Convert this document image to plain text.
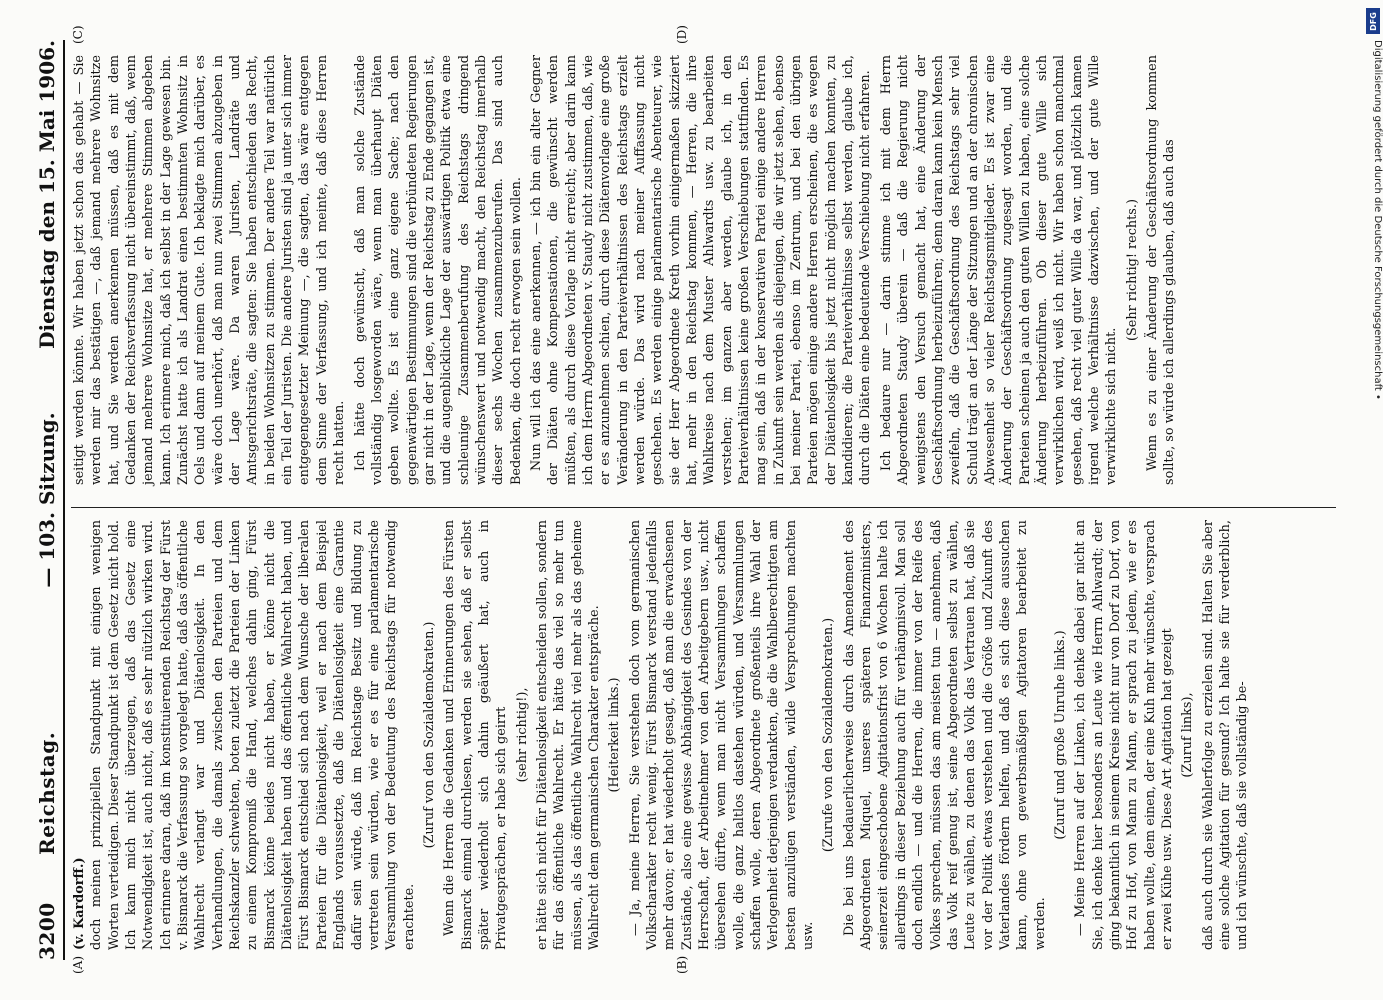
3200 Reichstag.
— 103. Sitzung.
Dienstag den 15. Mai 1906.
(A)	(B)
(C)	(D)

(v. Kardorff.) doch meinen prinzipiellen Standpunkt mit einigen wenigen Worten verteidigen. Dieser Standpunkt ist dem Gesetz nicht hold. Ich kann mich nicht überzeugen, daß das Gesetz eine Notwendigkeit ist, auch nicht, daß es sehr nützlich wirken wird. Ich erinnere daran, daß im konstituierenden Reichstag der Fürst v. Bismarck die Verfassung so vorgelegt hatte, daß das öffentliche Wahlrecht verlangt war und Diätenlosigkeit. In den Verhandlungen, die damals zwischen den Parteien und dem Reichskanzler schwebten, boten zuletzt die Parteien der Linken zu einem Kompromiß die Hand, welches dahin ging, Fürst Bismarck könne beides nicht haben, er könne nicht die Diätenlosigkeit haben und das öffentliche Wahlrecht haben, und Fürst Bismarck entschied sich nach dem Wunsche der liberalen Parteien für die Diätenlosigkeit, weil er nach dem Beispiel Englands voraussetzte, daß die Diätenlosigkeit eine Garantie dafür sein würde, daß im Reichstage Besitz und Bildung zu vertreten sein würden, wie er es für eine parlamentarische Versammlung von der Bedeutung des Reichstags für notwendig erachtete.

(Zuruf von den Sozialdemokraten.) Wenn die Herren die Gedanken und Erinnerungen des Fürsten Bismarck einmal durchlesen, werden sie sehen, daß er selbst später wiederholt sich dahin geäußert hat, auch in Privatgesprächen, er habe sich geirrt (sehr richtig!), er hätte sich nicht für Diätenlosigkeit entscheiden sollen, sondern für das öffentliche Wahlrecht. Er hätte das viel so mehr tun müssen, als das öffentliche Wahlrecht viel mehr als das geheime Wahlrecht dem germanischen Charakter entspräche. (Heiterkeit links.) — Ja, meine Herren, Sie verstehen doch vom germanischen Volkscharakter recht wenig. Fürst Bismarck verstand jedenfalls mehr davon; er hat wiederholt gesagt, daß man die erwachsenen Zustände, also eine gewisse Abhängigkeit des Gesindes von der Herrschaft, der Arbeitnehmer von den Arbeitgebern usw., nicht übersehen dürfte, wenn man nicht Versammlungen schaffen wolle, die ganz haltlos dastehen würden, und Versammlungen schaffen wolle, deren Abgeordnete großenteils ihre Wahl der Verlogenheit derjenigen verdankten, die die Wahlberechtigten am besten anzulügen verständen, wilde Versprechungen machten usw.

(Zurufe von den Sozialdemokraten.) Die bei uns bedauerlicherweise durch das Amendement des Abgeordneten Miquel, unseres späteren Finanzministers, seinerzeit eingeschobene Agitationsfrist von 6 Wochen halte ich allerdings in dieser Beziehung auch für verhängnisvoll. Man soll doch endlich — und die Herren, die immer von der Reife des Volkes sprechen, müssen das am meisten tun — annehmen, daß das Volk reif genug ist, seine Abgeordneten selbst zu wählen, Leute zu wählen, zu denen das Volk das Vertrauen hat, daß sie vor der Politik etwas verstehen und die Größe und Zukunft des Vaterlandes fördern helfen, und daß es sich diese aussuchen kann, ohne von gewerbsmäßigen Agitatoren bearbeitet zu werden.

(Zuruf und große Unruhe links.) — Meine Herren auf der Linken, ich denke dabei gar nicht an Sie, ich denke hier besonders an Leute wie Herrn Ahlwardt; der ging bekanntlich in seinem Kreise nicht nur von Dorf zu Dorf, von Hof zu Hof, von Mann zu Mann, er sprach zu jedem, wie er es haben wollte, dem einen, der eine Kuh mehr wünschte, versprach er zwei Kühe usw. Diese Art Agitation hat gezeigt (Zuruf links), daß auch durch sie Wahlerfolge zu erzielen sind. Halten Sie aber eine solche Agitation für gesund? Ich halte sie für verderblich, und ich wünschte, daß sie vollständig be-

seitigt werden könnte. Wir haben jetzt schon das gehabt — Sie werden mir das bestätigen —, daß jemand mehrere Wohnsitze hat, und Sie werden anerkennen müssen, daß es mit dem Gedanken der Reichsverfassung nicht übereinstimmt, daß, wenn jemand mehrere Wohnsitze hat, er mehrere Stimmen abgeben kann. Ich erinnere mich, daß ich selbst in der Lage gewesen bin. Zunächst hatte ich als Landrat einen bestimmten Wohnsitz in Oels und dann auf meinem Gute. Ich beklagte mich darüber, es wäre doch unerhört, daß man nun zwei Stimmen abzugeben in der Lage wäre. Da waren Juristen, Landräte und Amtsgerichtsräte, die sagten: Sie haben entschieden das Recht, in beiden Wohnsitzen zu stimmen. Der andere Teil war natürlich ein Teil der Juristen. Die andere Juristen sind ja unter sich immer entgegengesetzter Meinung —, die sagten, das wäre entgegen dem Sinne der Verfassung, und ich meinte, daß diese Herren recht hatten. Ich hätte doch gewünscht, daß man solche Zustände vollständig losgeworden wäre, wenn man überhaupt Diäten geben wollte. Es ist eine ganz eigene Sache; nach den gegenwärtigen Bestimmungen sind die verbündeten Regierungen gar nicht in der Lage, wenn der Reichstag zu Ende gegangen ist, und die augenblickliche Lage der auswärtigen Politik etwa eine schleunige Zusammenberufung des Reichstags dringend wünschenswert und notwendig macht, den Reichstag innerhalb dieser sechs Wochen zusammenzuberufen. Das sind auch Bedenken, die doch recht erwogen sein wollen. Nun will ich das eine anerkennen, — ich bin ein alter Gegner der Diäten ohne Kompensationen, die gewünscht werden müßten, als durch diese Vorlage nicht erreicht; aber darin kann ich dem Herrn Abgeordneten v. Staudy nicht zustimmen, daß, wie er es anzunehmen schien, durch diese Diätenvorlage eine große Veränderung in den Parteiverhältnissen des Reichstags erzielt werden würde. Das wird nach meiner Auffassung nicht geschehen. Es werden einige parlamentarische Abenteurer, wie sie der Herr Abgeordnete Kreth vorhin einigermaßen skizziert hat, mehr in den Reichstag kommen, — Herren, die ihre Wahlkreise nach dem Muster Ahlwardts usw. zu bearbeiten verstehen; im ganzen aber werden, glaube ich, in den Parteiverhältnissen keine großen Verschiebungen stattfinden. Es mag sein, daß in der konservativen Partei einige andere Herren in Zukunft sein werden als diejenigen, die wir jetzt sehen, ebenso bei meiner Partei, ebenso im Zentrum, und bei den übrigen Parteien mögen einige andere Herren erscheinen, die es wegen der Diätenlosigkeit bis jetzt nicht möglich machen konnten, zu kandidieren; die Parteiverhältnisse selbst werden, glaube ich, durch die Diäten eine bedeutende Verschiebung nicht erfahren. Ich bedaure nur — darin stimme ich mit dem Herrn Abgeordneten Staudy überein — daß die Regierung nicht wenigstens den Versuch gemacht hat, eine Änderung der Geschäftsordnung herbeizuführen; denn daran kann kein Mensch zweifeln, daß die Geschäftsordnung des Reichstags sehr viel Schuld trägt an der Länge der Sitzungen und an der chronischen Abwesenheit so vieler Reichstagsmitglieder. Es ist zwar eine Änderung der Geschäftsordnung zugesagt worden, und die Parteien scheinen ja auch den guten Willen zu haben, eine solche Änderung herbeizuführen. Ob dieser gute Wille sich verwirklichen wird, weiß ich nicht. Wir haben schon manchmal gesehen, daß recht viel guter Wille da war, und plötzlich kamen irgend welche Verhältnisse dazwischen, und der gute Wille verwirklichte sich nicht.

(Sehr richtig! rechts.) Wenn es zu einer Änderung der Geschäftsordnung kommen sollte, so würde ich allerdings glauben, daß auch das

DFG
Digitalisierung gefördert durch die Deutsche Forschungsgemeinschaft •
